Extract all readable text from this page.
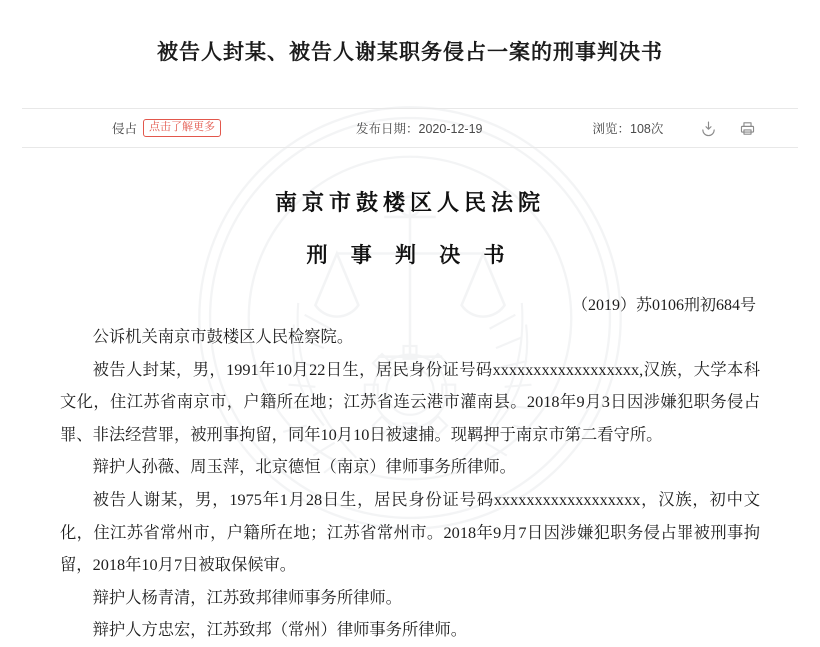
被告人封某、被告人谢某职务侵占一案的刑事判决书
侵占	点击了解更多	发布日期：2020-12-19	浏览：108次
南京市鼓楼区人民法院
刑 事 判 决 书
（2019）苏0106刑初684号

公诉机关南京市鼓楼区人民检察院。

被告人封某，男，1991年10月22日生，居民身份证号码xxxxxxxxxxxxxxxxxx,汉族，大学本科文化，住江苏省南京市，户籍所在地；江苏省连云港市灌南县。2018年9月3日因涉嫌犯职务侵占罪、非法经营罪，被刑事拘留，同年10月10日被逮捕。现羁押于南京市第二看守所。

辩护人孙薇、周玉萍，北京德恒（南京）律师事务所律师。

被告人谢某，男，1975年1月28日生，居民身份证号码xxxxxxxxxxxxxxxxxx，汉族，初中文化，住江苏省常州市，户籍所在地；江苏省常州市。2018年9月7日因涉嫌犯职务侵占罪被刑事拘留，2018年10月7日被取保候审。

辩护人杨青清，江苏致邦律师事务所律师。

辩护人方忠宏，江苏致邦（常州）律师事务所律师。
